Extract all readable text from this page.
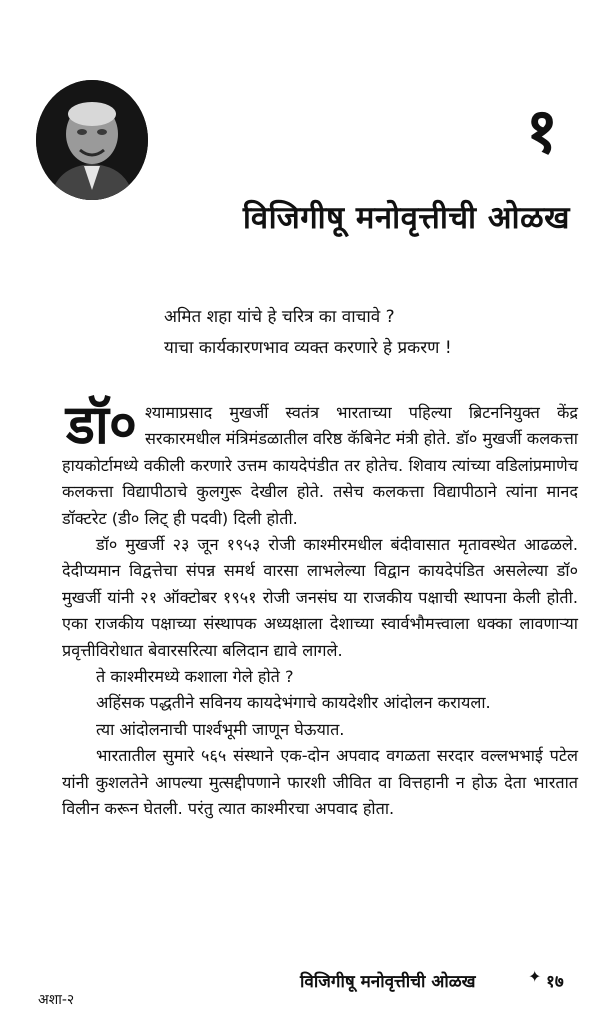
१
विजिगीषू मनोवृत्तीची ओळख

अमित शहा यांचे हे चरित्र का वाचावे ?

याचा कार्यकारणभाव व्यक्त करणारे हे प्रकरण !

डॉ० श्यामाप्रसाद मुखर्जी स्वतंत्र भारताच्या पहिल्या ब्रिटननियुक्त केंद्र सरकारमधील मंत्रिमंडळातील वरिष्ठ कॅबिनेट मंत्री होते. डॉ० मुखर्जी कलकत्ता हायकोर्टामध्ये वकीली करणारे उत्तम कायदेपंडीत तर होतेच. शिवाय त्यांच्या वडिलांप्रमाणेच कलकत्ता विद्यापीठाचे कुलगुरू देखील होते. तसेच कलकत्ता विद्यापीठाने त्यांना मानद डॉक्टरेट (डी० लिट् ही पदवी) दिली होती.

डॉ० मुखर्जी २३ जून १९५३ रोजी काश्मीरमधील बंदीवासात मृतावस्थेत आढळले. देदीप्यमान विद्वत्तेचा संपन्न समर्थ वारसा लाभलेल्या विद्वान कायदेपंडित असलेल्या डॉ० मुखर्जी यांनी २१ ऑक्टोबर १९५१ रोजी जनसंघ या राजकीय पक्षाची स्थापना केली होती. एका राजकीय पक्षाच्या संस्थापक अध्यक्षाला देशाच्या स्वार्वभौमत्त्वाला धक्का लावणाऱ्या प्रवृत्तीविरोधात बेवारसरित्या बलिदान द्यावे लागले.

ते काश्मीरमध्ये कशाला गेले होते ?

अहिंसक पद्धतीने सविनय कायदेभंगाचे कायदेशीर आंदोलन करायला.

त्या आंदोलनाची पार्श्वभूमी जाणून घेऊयात.

भारतातील सुमारे ५६५ संस्थाने एक-दोन अपवाद वगळता सरदार वल्लभभाई पटेल यांनी कुशलतेने आपल्या मुत्सद्दीपणाने फारशी जीवित वा वित्तहानी न होऊ देता भारतात विलीन करून घेतली. परंतु त्यात काश्मीरचा अपवाद होता.

विजिगीषू मनोवृत्तीची ओळख	✦ १७
अशा-२
